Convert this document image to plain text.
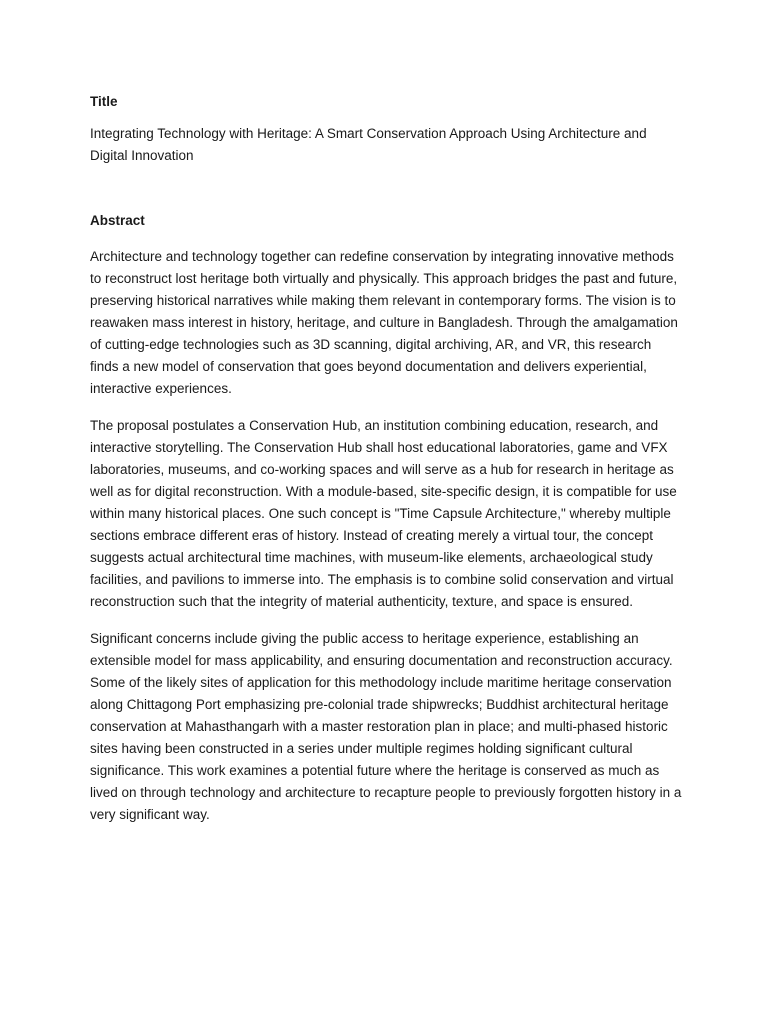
Title

Integrating Technology with Heritage: A Smart Conservation Approach Using Architecture and Digital Innovation

Abstract

Architecture and technology together can redefine conservation by integrating innovative methods to reconstruct lost heritage both virtually and physically. This approach bridges the past and future, preserving historical narratives while making them relevant in contemporary forms. The vision is to reawaken mass interest in history, heritage, and culture in Bangladesh. Through the amalgamation of cutting-edge technologies such as 3D scanning, digital archiving, AR, and VR, this research finds a new model of conservation that goes beyond documentation and delivers experiential, interactive experiences.

The proposal postulates a Conservation Hub, an institution combining education, research, and interactive storytelling. The Conservation Hub shall host educational laboratories, game and VFX laboratories, museums, and co-working spaces and will serve as a hub for research in heritage as well as for digital reconstruction. With a module-based, site-specific design, it is compatible for use within many historical places. One such concept is "Time Capsule Architecture," whereby multiple sections embrace different eras of history. Instead of creating merely a virtual tour, the concept suggests actual architectural time machines, with museum-like elements, archaeological study facilities, and pavilions to immerse into. The emphasis is to combine solid conservation and virtual reconstruction such that the integrity of material authenticity, texture, and space is ensured.

Significant concerns include giving the public access to heritage experience, establishing an extensible model for mass applicability, and ensuring documentation and reconstruction accuracy. Some of the likely sites of application for this methodology include maritime heritage conservation along Chittagong Port emphasizing pre-colonial trade shipwrecks; Buddhist architectural heritage conservation at Mahasthangarh with a master restoration plan in place; and multi-phased historic sites having been constructed in a series under multiple regimes holding significant cultural significance. This work examines a potential future where the heritage is conserved as much as lived on through technology and architecture to recapture people to previously forgotten history in a very significant way.
